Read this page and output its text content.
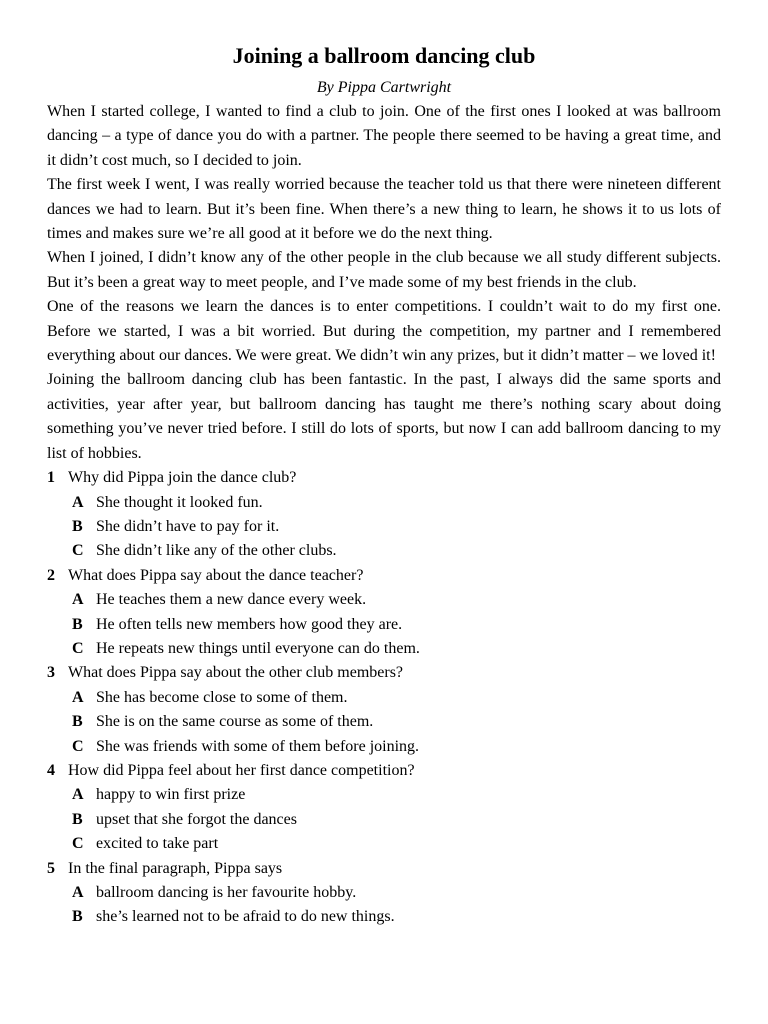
Joining a ballroom dancing club
By Pippa Cartwright

When I started college, I wanted to find a club to join. One of the first ones I looked at was ballroom dancing – a type of dance you do with a partner. The people there seemed to be having a great time, and it didn’t cost much, so I decided to join.

The first week I went, I was really worried because the teacher told us that there were nineteen different dances we had to learn. But it’s been fine. When there’s a new thing to learn, he shows it to us lots of times and makes sure we’re all good at it before we do the next thing.

When I joined, I didn’t know any of the other people in the club because we all study different subjects. But it’s been a great way to meet people, and I’ve made some of my best friends in the club.

One of the reasons we learn the dances is to enter competitions. I couldn’t wait to do my first one. Before we started, I was a bit worried. But during the competition, my partner and I remembered everything about our dances. We were great. We didn’t win any prizes, but it didn’t matter – we loved it!

Joining the ballroom dancing club has been fantastic. In the past, I always did the same sports and activities, year after year, but ballroom dancing has taught me there’s nothing scary about doing something you’ve never tried before. I still do lots of sports, but now I can add ballroom dancing to my list of hobbies.

1 Why did Pippa join the dance club?
A She thought it looked fun.
B She didn’t have to pay for it.
C She didn’t like any of the other clubs.
2 What does Pippa say about the dance teacher?
A He teaches them a new dance every week.
B He often tells new members how good they are.
C He repeats new things until everyone can do them.
3 What does Pippa say about the other club members?
A She has become close to some of them.
B She is on the same course as some of them.
C She was friends with some of them before joining.
4 How did Pippa feel about her first dance competition?
A happy to win first prize
B upset that she forgot the dances
C excited to take part
5 In the final paragraph, Pippa says
A ballroom dancing is her favourite hobby.
B she’s learned not to be afraid to do new things.
